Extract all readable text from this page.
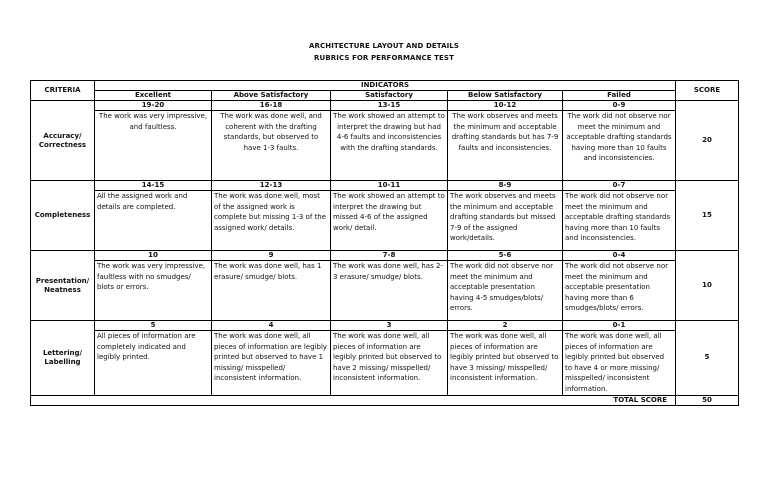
ARCHITECTURE LAYOUT AND DETAILS
RUBRICS FOR PERFORMANCE TEST
CRITERIA	INDICATORS					SCORE
	Excellent	Above Satisfactory	Satisfactory	Below Satisfactory	Failed	
Accuracy/ Correctness	19-20	16-18	13-15	10-12	0-9	20
	The work was very impressive, and faultless.	The work was done well, and coherent with the drafting standards, but observed to have 1-3 faults.	The work showed an attempt to interpret the drawing but had 4-6 faults and inconsistencies with the drafting standards.	The work observes and meets the minimum and acceptable drafting standards but has 7-9 faults and inconsistencies.	The work did not observe nor meet the minimum and acceptable drafting standards having more than 10 faults and inconsistencies.	
Completeness	14-15	12-13	10-11	8-9	0-7	15
	All the assigned work and details are completed.	The work was done well, most of the assigned work is complete but missing 1-3 of the assigned work/ details.	The work showed an attempt to interpret the drawing but missed 4-6 of the assigned work/ detail.	The work observes and meets the minimum and acceptable drafting standards but missed 7-9 of the assigned work/details.	The work did not observe nor meet the minimum and acceptable drafting standards having more than 10 faults and inconsistencies.	
Presentation/ Neatness	10	9	7-8	5-6	0-4	10
	The work was very impressive, faultless with no smudges/ blots or errors.	The work was done well, has 1 erasure/ smudge/ blots.	The work was done well, has 2-3 erasure/ smudge/ blots.	The work did not observe nor meet the minimum and acceptable presentation having 4-5 smudges/blots/ errors.	The work did not observe nor meet the minimum and acceptable presentation having more than 6 smudges/blots/ errors.	
Lettering/ Labelling	5	4	3	2	0-1	5
	All pieces of information are completely indicated and legibly printed.	The work was done well, all pieces of information are legibly printed but observed to have 1 missing/ misspelled/ inconsistent information.	The work was done well, all pieces of information are legibly printed but observed to have 2 missing/ misspelled/ inconsistent information.	The work was done well, all pieces of information are legibly printed but observed to have 3 missing/ misspelled/ inconsistent information.	The work was done well, all pieces of information are legibly printed but observed to have 4 or more missing/ misspelled/ inconsistent information.	
TOTAL SCORE						50
